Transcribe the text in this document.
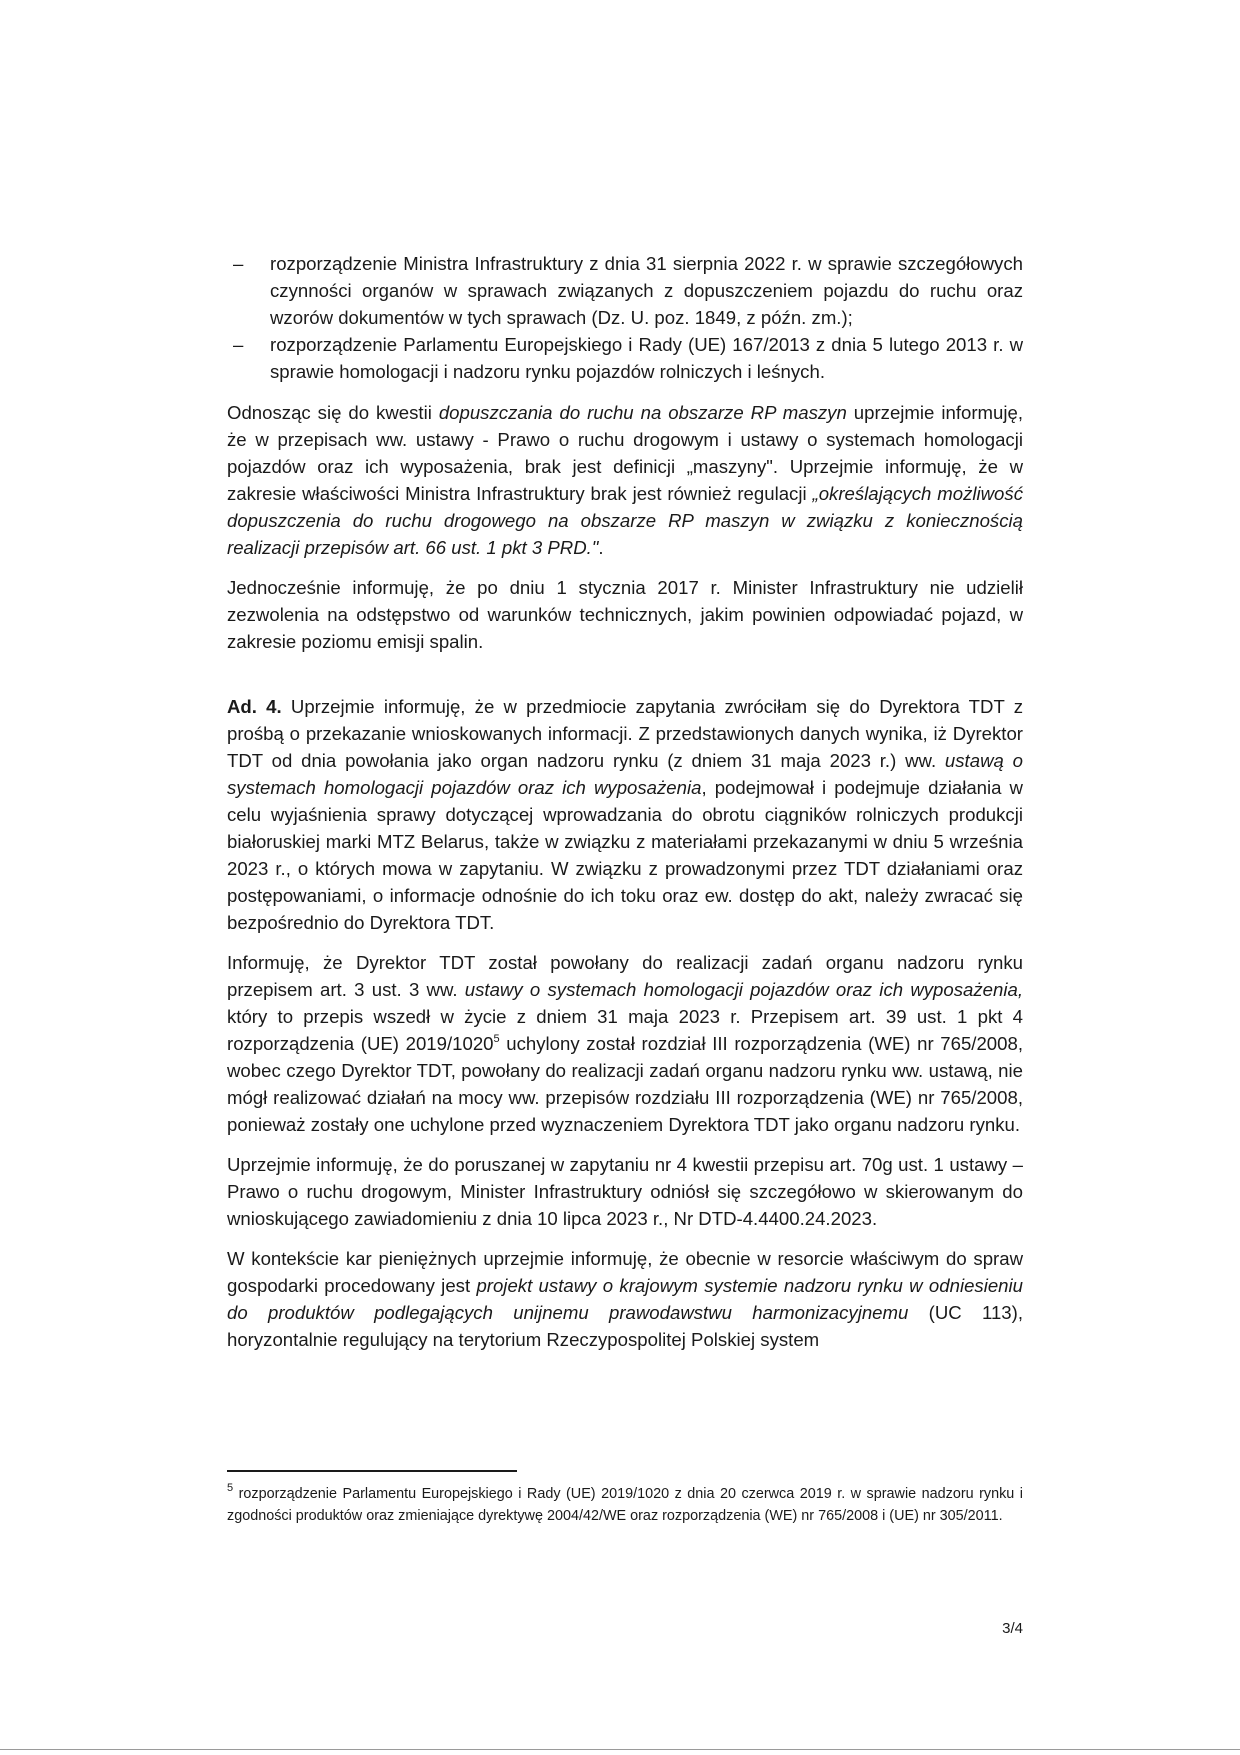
– rozporządzenie Ministra Infrastruktury z dnia 31 sierpnia 2022 r. w sprawie szczegółowych czynności organów w sprawach związanych z dopuszczeniem pojazdu do ruchu oraz wzorów dokumentów w tych sprawach (Dz. U. poz. 1849, z późn. zm.);
– rozporządzenie Parlamentu Europejskiego i Rady (UE) 167/2013 z dnia 5 lutego 2013 r. w sprawie homologacji i nadzoru rynku pojazdów rolniczych i leśnych.

Odnosząc się do kwestii dopuszczania do ruchu na obszarze RP maszyn uprzejmie informuję, że w przepisach ww. ustawy - Prawo o ruchu drogowym i ustawy o systemach homologacji pojazdów oraz ich wyposażenia, brak jest definicji „maszyny". Uprzejmie informuję, że w zakresie właściwości Ministra Infrastruktury brak jest również regulacji „określających możliwość dopuszczenia do ruchu drogowego na obszarze RP maszyn w związku z koniecznością realizacji przepisów art. 66 ust. 1 pkt 3 PRD.".

Jednocześnie informuję, że po dniu 1 stycznia 2017 r. Minister Infrastruktury nie udzielił zezwolenia na odstępstwo od warunków technicznych, jakim powinien odpowiadać pojazd, w zakresie poziomu emisji spalin.

Ad. 4. Uprzejmie informuję, że w przedmiocie zapytania zwróciłam się do Dyrektora TDT z prośbą o przekazanie wnioskowanych informacji. Z przedstawionych danych wynika, iż Dyrektor TDT od dnia powołania jako organ nadzoru rynku (z dniem 31 maja 2023 r.) ww. ustawą o systemach homologacji pojazdów oraz ich wyposażenia, podejmował i podejmuje działania w celu wyjaśnienia sprawy dotyczącej wprowadzania do obrotu ciągników rolniczych produkcji białoruskiej marki MTZ Belarus, także w związku z materiałami przekazanymi w dniu 5 września 2023 r., o których mowa w zapytaniu. W związku z prowadzonymi przez TDT działaniami oraz postępowaniami, o informacje odnośnie do ich toku oraz ew. dostęp do akt, należy zwracać się bezpośrednio do Dyrektora TDT.

Informuję, że Dyrektor TDT został powołany do realizacji zadań organu nadzoru rynku przepisem art. 3 ust. 3 ww. ustawy o systemach homologacji pojazdów oraz ich wyposażenia, który to przepis wszedł w życie z dniem 31 maja 2023 r. Przepisem art. 39 ust. 1 pkt 4 rozporządzenia (UE) 2019/1020$^5$ uchylony został rozdział III rozporządzenia (WE) nr 765/2008, wobec czego Dyrektor TDT, powołany do realizacji zadań organu nadzoru rynku ww. ustawą, nie mógł realizować działań na mocy ww. przepisów rozdziału III rozporządzenia (WE) nr 765/2008, ponieważ zostały one uchylone przed wyznaczeniem Dyrektora TDT jako organu nadzoru rynku.

Uprzejmie informuję, że do poruszanej w zapytaniu nr 4 kwestii przepisu art. 70g ust. 1 ustawy – Prawo o ruchu drogowym, Minister Infrastruktury odniósł się szczegółowo w skierowanym do wnioskującego zawiadomieniu z dnia 10 lipca 2023 r., Nr DTD-4.4400.24.2023.

W kontekście kar pieniężnych uprzejmie informuję, że obecnie w resorcie właściwym do spraw gospodarki procedowany jest projekt ustawy o krajowym systemie nadzoru rynku w odniesieniu do produktów podlegających unijnemu prawodawstwu harmonizacyjnemu (UC 113), horyzontalnie regulujący na terytorium Rzeczypospolitej Polskiej system

$^5$ rozporządzenie Parlamentu Europejskiego i Rady (UE) 2019/1020 z dnia 20 czerwca 2019 r. w sprawie nadzoru rynku i zgodności produktów oraz zmieniające dyrektywę 2004/42/WE oraz rozporządzenia (WE) nr 765/2008 i (UE) nr 305/2011.

3/4
